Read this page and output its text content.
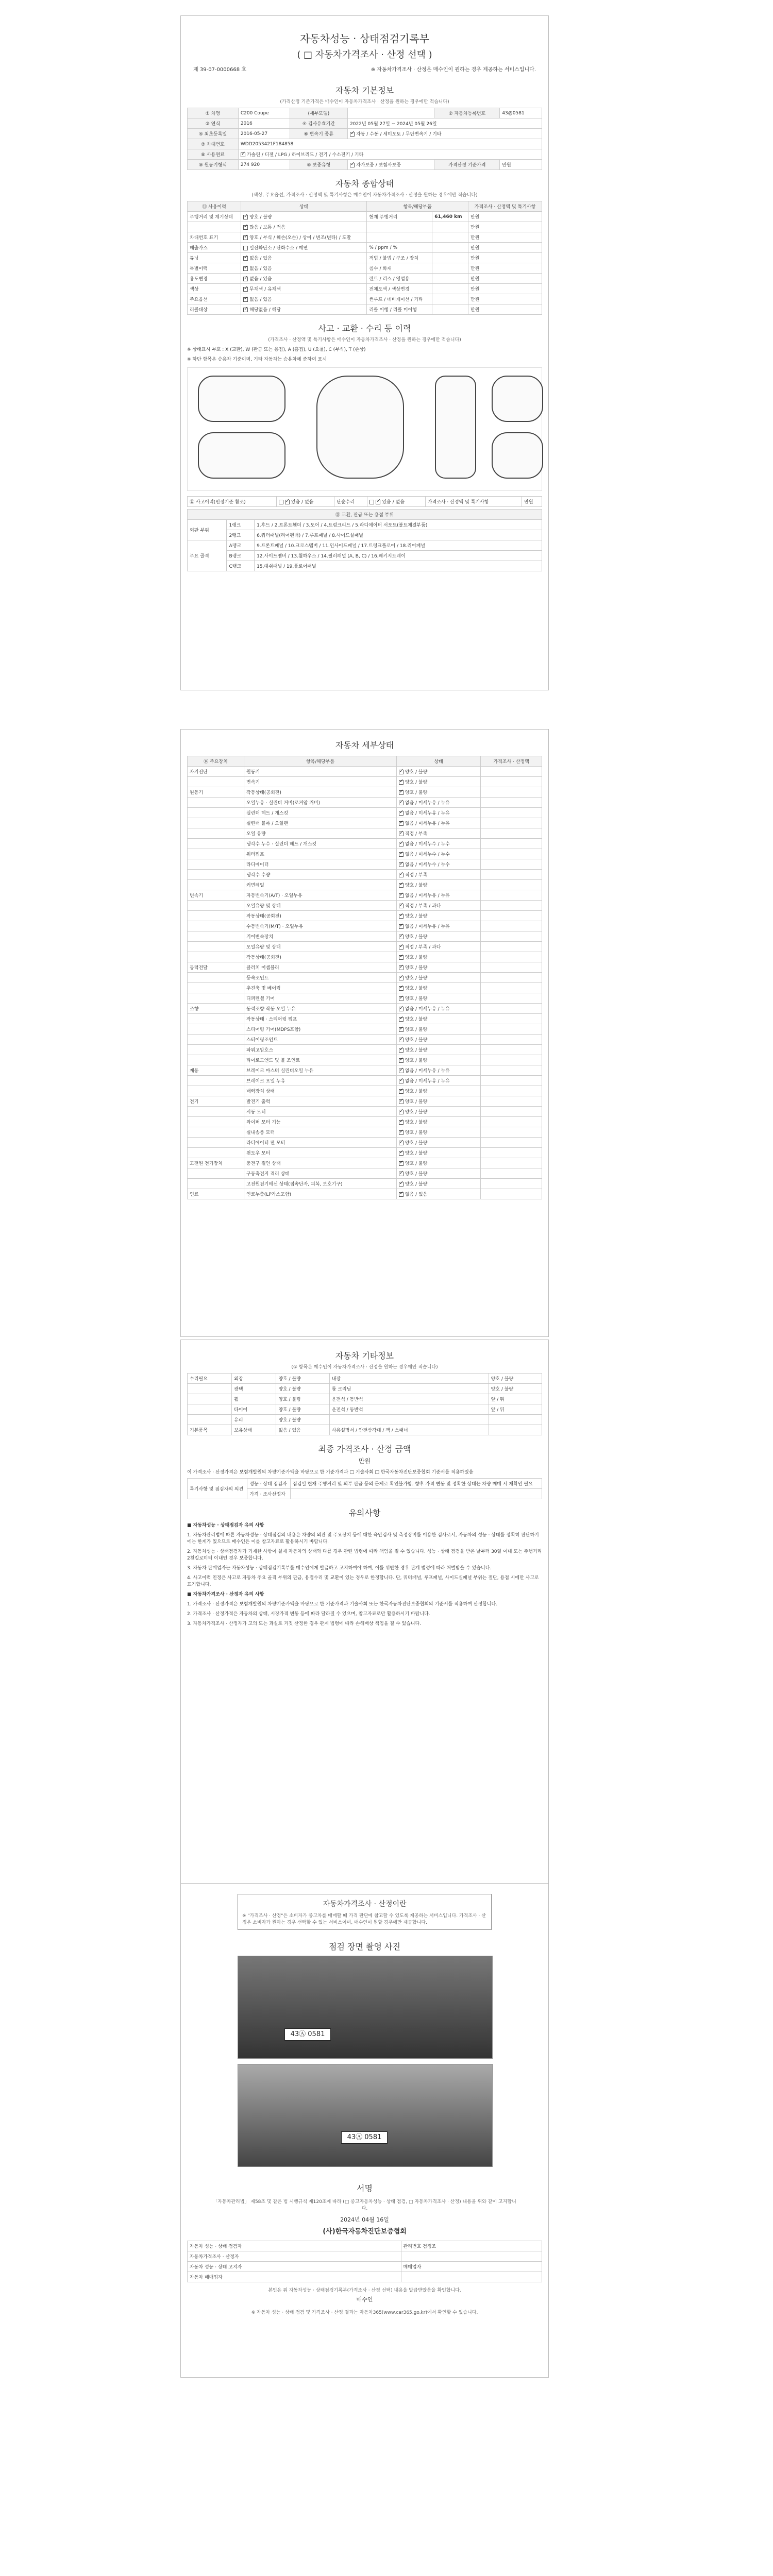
자동차성능 · 상태점검기록부
( □ 자동차가격조사 · 산정 선택 )
제 39-07-0000668 호	※ 자동차가격조사 · 산정은 매수인이 원하는 경우 제공하는 서비스입니다.
자동차 기본정보
(가격산정 기준가격은 매수인이 자동차가격조사 · 산정을 원하는 경우에만 적습니다)
① 차명	C200 Coupe	(세부모델)		② 자동차등록번호	43@0581
③ 연식	2016	④ 검사유효기간	2022년 05월 27일 ~ 2024년 05월 26일		
⑤ 최초등록일	2016-05-27	⑥ 변속기 종류	✓자동 / 수동 / 세미오토 / 무단변속기 / 기타
⑦ 차대번호	WDD2053421F184858				
⑧ 사용연료	✓가솔린 / 디젤 / LPG / 하이브리드 / 전기 / 수소전기 / 기타
⑨ 원동기형식	274 920	⑩ 보증유형	✓자가보증 / 보험사보증	가격산정 기준가격	만원
자동차 종합상태
(색상, 주요옵션, 가격조사 · 산정액 및 특기사항은 매수인이 자동차가격조사 · 산정을 원하는 경우에만 적습니다)
⑪ 사용이력	상태	항목/해당부품		가격조사 · 산정액 및 특기사항
주행거리 및 계기상태	✓양호 / 불량	현재 주행거리	61,460 km	만원
	✓많음 / 보통 / 적음			만원
차대번호 표기	✓양호 / 부식 / 훼손(오손) / 상이 / 변조(변타) / 도말			만원
배출가스	일산화탄소 / 탄화수소 / 매연	% / ppm / %		만원
튜닝	✓없음 / 있음	적법 / 불법 / 구조 / 장치		만원
특별이력	✓없음 / 있음	침수 / 화재		만원
용도변경	✓없음 / 있음	렌트 / 리스 / 영업용		만원
색상	✓무채색 / 유채색	전체도색 / 색상변경		만원
주요옵션	✓없음 / 있음	썬루프 / 네비게이션 / 기타		만원
리콜대상	✓해당없음 / 해당	리콜 이행 / 리콜 미이행		만원
사고 · 교환 · 수리 등 이력
(가격조사 · 산정액 및 특기사항은 매수인이 자동차가격조사 · 산정을 원하는 경우에만 적습니다)
※ 상태표시 부호 : X (교환), W (판금 또는 용접), A (흠집), U (요철), C (부식), T (손상)
※ 하단 항목은 승용차 기준이며, 기타 자동차는 승용차에 준하여 표시
⑫ 사고이력(인정기준 참조)	✓있음 / 없음	단순수리	✓있음 / 없음	가격조사 · 산정액 및 특기사항	만원
⑬ 교환, 판금 또는 용접 부위		
외판 부위	1랭크	1.후드 / 2.프론트휀더 / 3.도어 / 4.트렁크리드 / 5.라디에이터 서포트(볼트체결부품)
	2랭크	6.쿼터패널(리어펜더) / 7.루프패널 / 8.사이드실패널
주요 골격	A랭크	9.프론트패널 / 10.크로스멤버 / 11.인사이드패널 / 17.트렁크플로어 / 18.리어패널
	B랭크	12.사이드멤버 / 13.휠하우스 / 14.필러패널 (A, B, C) / 16.패키지트레이
	C랭크	15.대쉬패널 / 19.플로어패널
자동차 세부상태
⑭ 주요장치	항목/해당부품	상태	가격조사 · 산정액
자기진단	원동기	✓양호 / 불량	
	변속기	✓양호 / 불량	
원동기	작동상태(공회전)	✓양호 / 불량	
	오일누유 · 실린더 커버(로커암 커버)	✓없음 / 미세누유 / 누유	
	실린더 헤드 / 개스킷	✓없음 / 미세누유 / 누유	
	실린더 블록 / 오일팬	✓없음 / 미세누유 / 누유	
	오일 유량	✓적정 / 부족	
	냉각수 누수 · 실린더 헤드 / 개스킷	✓없음 / 미세누수 / 누수	
	워터펌프	✓없음 / 미세누수 / 누수	
	라디에이터	✓없음 / 미세누수 / 누수	
	냉각수 수량	✓적정 / 부족	
	커먼레일	✓양호 / 불량	
변속기	자동변속기(A/T) · 오일누유	✓없음 / 미세누유 / 누유	
	오일유량 및 상태	✓적정 / 부족 / 과다	
	작동상태(공회전)	✓양호 / 불량	
	수동변속기(M/T) · 오일누유	✓없음 / 미세누유 / 누유	
	기어변속장치	✓양호 / 불량	
	오일유량 및 상태	✓적정 / 부족 / 과다	
	작동상태(공회전)	✓양호 / 불량	
동력전달	클러치 어셈블리	✓양호 / 불량	
	등속조인트	✓양호 / 불량	
	추진축 및 베어링	✓양호 / 불량	
	디퍼렌셜 기어	✓양호 / 불량	
조향	동력조향 작동 오일 누유	✓없음 / 미세누유 / 누유	
	작동상태 · 스티어링 펌프	✓양호 / 불량	
	스티어링 기어(MDPS포함)	✓양호 / 불량	
	스티어링조인트	✓양호 / 불량	
	파워고압호스	✓양호 / 불량	
	타이로드엔드 및 볼 조인트	✓양호 / 불량	
제동	브레이크 마스터 실린더오일 누유	✓없음 / 미세누유 / 누유	
	브레이크 오일 누유	✓없음 / 미세누유 / 누유	
	배력장치 상태	✓양호 / 불량	
전기	발전기 출력	✓양호 / 불량	
	시동 모터	✓양호 / 불량	
	와이퍼 모터 기능	✓양호 / 불량	
	실내송풍 모터	✓양호 / 불량	
	라디에이터 팬 모터	✓양호 / 불량	
	윈도우 모터	✓양호 / 불량	
고전원 전기장치	충전구 절연 상태	✓양호 / 불량	
	구동축전지 격리 상태	✓양호 / 불량	
	고전원전기배선 상태(접속단자, 피복, 보호기구)	✓양호 / 불량	
연료	연료누출(LP가스포함)	✓없음 / 있음	
자동차 기타정보
(① 항목은 매수인이 자동차가격조사 · 산정을 원하는 경우에만 적습니다)
수리필요	외장	양호 / 불량	내장	양호 / 불량
	광택	양호 / 불량	룸 크리닝	양호 / 불량
	휠	양호 / 불량	운전석 / 동반석	앞 / 뒤
	타이어	양호 / 불량	운전석 / 동반석	앞 / 뒤
	유리	양호 / 불량		
기본품목	보유상태	없음 / 있음	사용설명서 / 안전삼각대 / 잭 / 스패너	
최종 가격조사 · 산정 금액
만원
이 가격조사 · 산정가격은 보험개발원의 차량기준가액을 바탕으로 한 기준가격과 □ 기술사회 □ 한국자동차진단보증협회 기준서를 적용하였음
특기사항 및 점검자의 의견	성능 · 상태 점검자	점검일 현재 주행거리 및 외부 판금 등의 문제로 확인불가함. 향후 가격 변동 및 정확한 상태는 차량 매매 시 재확인 필요
	가격 · 조사산정자	
유의사항
■ 자동차성능 · 상태점검자 유의 사항
1. 자동차관리법에 따른 자동차성능 · 상태점검의 내용은 차량의 외관 및 주요장치 등에 대한 육안검사 및 측정장비를 이용한 검사로서, 자동차의 성능 · 상태를 정확히 판단하기에는 한계가 있으므로 매수인은 이를 참고자료로 활용하시기 바랍니다.
2. 자동차성능 · 상태점검자가 기재한 사항이 실제 자동차의 상태와 다를 경우 관련 법령에 따라 책임을 질 수 있습니다. 성능 · 상태 점검을 받은 날부터 30일 이내 또는 주행거리 2천킬로미터 이내인 경우 보증합니다.
3. 자동차 판매업자는 자동차성능 · 상태점검기록부를 매수인에게 발급하고 고지하여야 하며, 이를 위반한 경우 관계 법령에 따라 처벌받을 수 있습니다.
4. 사고이력 인정은 사고로 자동차 주요 골격 부위의 판금, 용접수리 및 교환이 있는 경우로 한정합니다. 단, 쿼터패널, 루프패널, 사이드실패널 부위는 절단, 용접 시에만 사고로 표기합니다.
■ 자동차가격조사 · 산정자 유의 사항
1. 가격조사 · 산정가격은 보험개발원의 차량기준가액을 바탕으로 한 기준가격과 기술사회 또는 한국자동차진단보증협회의 기준서를 적용하여 산정합니다.
2. 가격조사 · 산정가격은 자동차의 상태, 시장가격 변동 등에 따라 달라질 수 있으며, 참고자료로만 활용하시기 바랍니다.
3. 자동차가격조사 · 산정자가 고의 또는 과실로 거짓 산정한 경우 관계 법령에 따라 손해배상 책임을 질 수 있습니다.
자동차가격조사 · 산정이란
※ "가격조사 · 산정"은 소비자가 중고차를 매매할 때 가격 판단에 참고할 수 있도록 제공하는 서비스입니다. 가격조사 · 산정은 소비자가 원하는 경우 선택할 수 있는 서비스이며, 매수인이 원할 경우에만 제공합니다.
점검 장면 촬영 사진
43Ⓐ 0581
43Ⓐ 0581
서명
「자동차관리법」 제58조 및 같은 법 시행규칙 제120조에 따라 (□ 중고자동차성능 · 상태 점검, □ 자동차가격조사 · 산정) 내용을 위와 같이 고지합니다.
2024년 04월 16일
(사)한국자동차진단보증협회
자동차 성능 · 상태 점검자	관리번호 검정조
자동차가격조사 · 산정자	
자동차 성능 · 상태 고지자	매매업자
자동차 매매업자	
본인은 위 자동차성능 · 상태점검기록부(가격조사 · 산정 선택) 내용을 발급받았음을 확인합니다.
매수인
※ 자동차 성능 · 상태 점검 및 가격조사 · 산정 결과는 자동차365(www.car365.go.kr)에서 확인할 수 있습니다.
